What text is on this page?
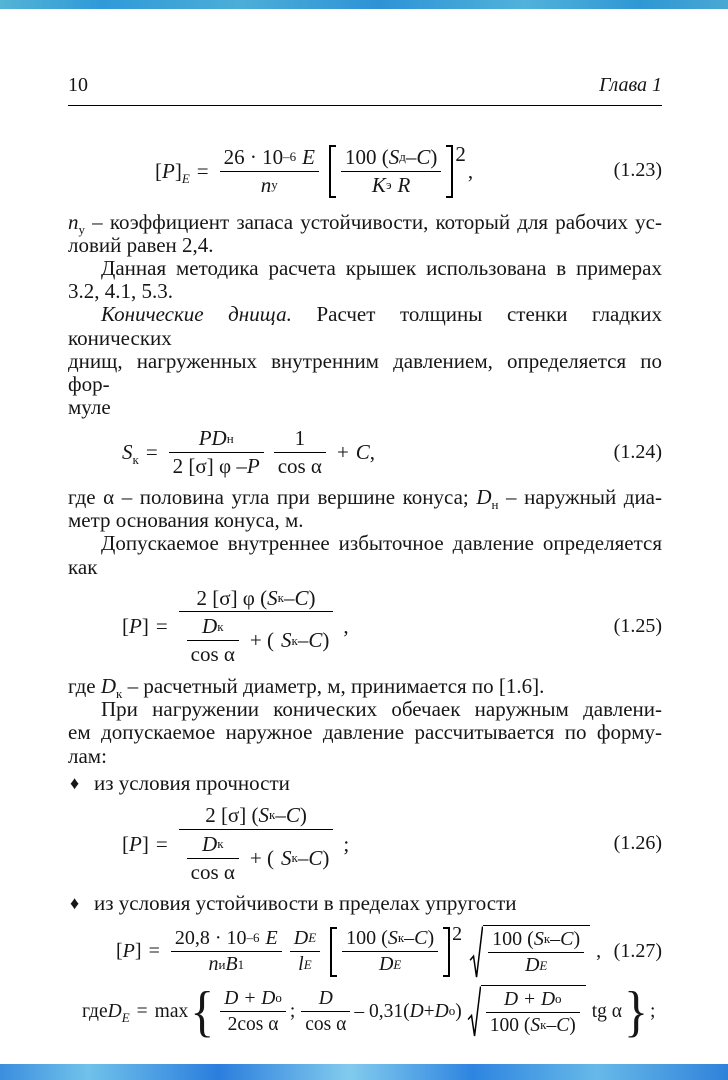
10	Глава 1
$[P]_E$ =
26 · 10 –6 E
n у
100 ( S д – C )
K э R
2
,	(1.23)
$n_у$ – коэффициент запаса устойчивости, который для рабочих ус-
ловий равен 2,4.
Данная методика расчета крышек использована в примерах
3.2, 4.1, 5.3.
Конические днища. Расчет толщины стенки гладких конических
днищ, нагруженных внутренним давлением, определяется по фор-
муле
$S_к$ =
P D н
2 [σ] φ – P
1
cos α
+ C ,	(1.24)
где α – половина угла при вершине конуса; $D_н$ – наружный диа-
метр основания конуса, м.
Допускаемое внутреннее избыточное давление определяется
как
[P] =
2 [σ] φ ( S к – C )
D к
cos α
+ ( S к – C )
,	(1.25)
где $D_к$ – расчетный диаметр, м, принимается по [1.6].
При нагружении конических обечаек наружным давлени-
ем допускаемое наружное давление рассчитывается по форму-
лам:
♦ из условия прочности
[P] =
2 [σ] ( S к – C )
D к
cos α
+ ( S к – C )
;	(1.26)
♦ из условия устойчивости в пределах упругости
[P] =
20,8 · 10 –6 E
n и B 1
D E
l E
100 ( S к – C )
D E
2 100 ( S к – C )
D E
, (1.27)
где $D_E = \max$ { D + D о
2cos α
;
D
cos α
– 0,31( D + D о )
D + D о
100 ( S к – C )
tg α } ;
